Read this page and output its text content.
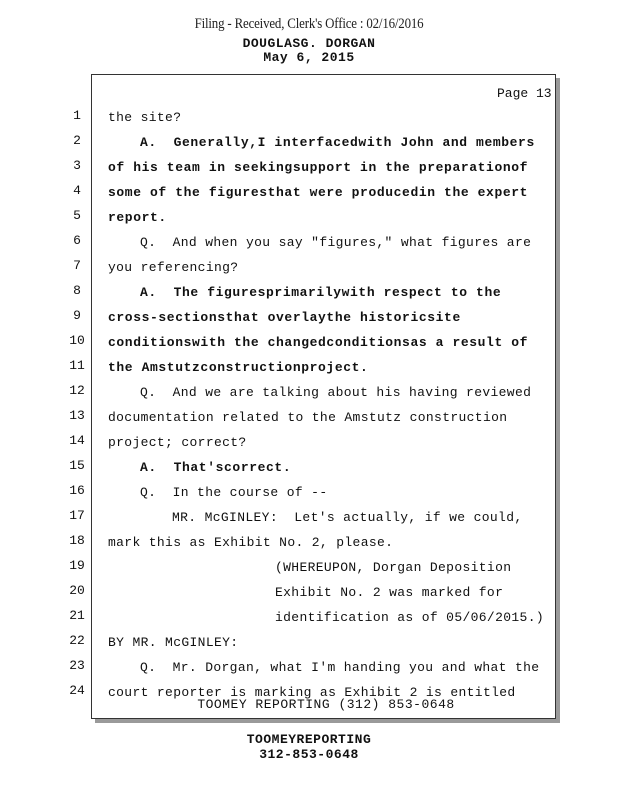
Filing - Received, Clerk's Office : 02/16/2016
DOUGLASG. DORGAN
May 6, 2015
Page 13
1
2
3
4
5
6
7
8
9
10
11
12
13
14
15
16
17
18
19
20
21
22
23
24
the site?
A.  Generally,I interfacedwith John and members
of his team in seekingsupport in the preparationof
some of the figuresthat were producedin the expert
report.
Q.  And when you say "figures," what figures are
you referencing?
A.  The figuresprimarilywith respect to the
cross-sectionsthat overlaythe historicsite
conditionswith the changedconditionsas a result of
the Amstutzconstructionproject.
Q.  And we are talking about his having reviewed
documentation related to the Amstutz construction
project; correct?
A.  That'scorrect.
Q.  In the course of --
MR. McGINLEY:  Let's actually, if we could,
mark this as Exhibit No. 2, please.
(WHEREUPON, Dorgan Deposition
Exhibit No. 2 was marked for
identification as of 05/06/2015.)
BY MR. McGINLEY:
Q.  Mr. Dorgan, what I'm handing you and what the
court reporter is marking as Exhibit 2 is entitled
TOOMEY REPORTING (312) 853-0648
TOOMEYREPORTING
312-853-0648
